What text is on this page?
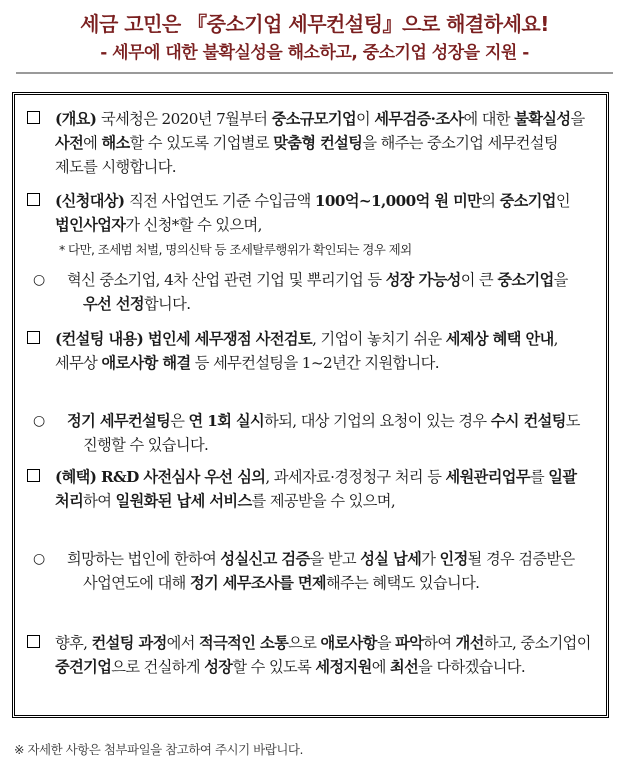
세금 고민은 『중소기업 세무컨설팅』으로 해결하세요!
- 세무에 대한 불확실성을 해소하고, 중소기업 성장을 지원 -
(개요) 국세청은 2020년 7월부터 중소규모기업이 세무검증·조사에 대한 불확실성을 사전에 해소할 수 있도록 기업별로 맞춤형 컨설팅을 해주는 중소기업 세무컨설팅 제도를 시행합니다.
(신청대상) 직전 사업연도 기준 수입금액 100억~1,000억 원 미만의 중소기업인 법인사업자가 신청*할 수 있으며,
* 다만, 조세범 처벌, 명의신탁 등 조세탈루행위가 확인되는 경우 제외
○ 혁신 중소기업, 4차 산업 관련 기업 및 뿌리기업 등 성장 가능성이 큰 중소기업을 우선 선정합니다.
(컨설팅 내용) 법인세 세무쟁점 사전검토, 기업이 놓치기 쉬운 세제상 혜택 안내, 세무상 애로사항 해결 등 세무컨설팅을 1~2년간 지원합니다.
○ 정기 세무컨설팅은 연 1회 실시하되, 대상 기업의 요청이 있는 경우 수시 컨설팅도 진행할 수 있습니다.
(혜택) R&D 사전심사 우선 심의, 과세자료·경정청구 처리 등 세원관리업무를 일괄 처리하여 일원화된 납세 서비스를 제공받을 수 있으며,
○ 희망하는 법인에 한하여 성실신고 검증을 받고 성실 납세가 인정될 경우 검증받은 사업연도에 대해 정기 세무조사를 면제해주는 혜택도 있습니다.
향후, 컨설팅 과정에서 적극적인 소통으로 애로사항을 파악하여 개선하고, 중소기업이 중견기업으로 건실하게 성장할 수 있도록 세정지원에 최선을 다하겠습니다.
※ 자세한 사항은 첨부파일을 참고하여 주시기 바랍니다.
